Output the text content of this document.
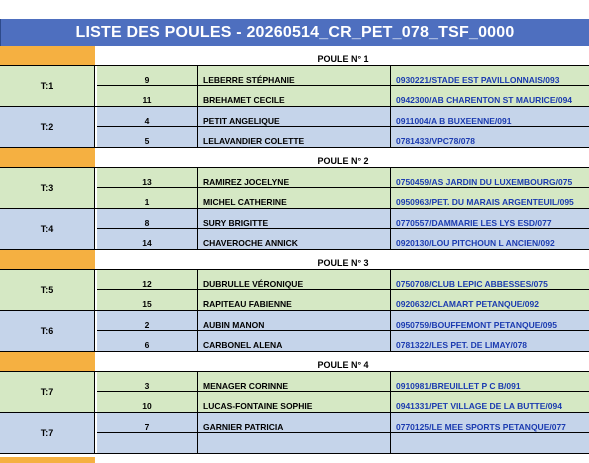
LISTE DES POULES - 20260514_CR_PET_078_TSF_0000
POULE N° 1
T:1
9	LEBERRE STÉPHANIE	0930221/STADE EST PAVILLONNAIS/093
11	BREHAMET CECILE	0942300/AB CHARENTON ST MAURICE/094
T:2
4	PETIT ANGELIQUE	0911004/A B BUXEENNE/091
5	LELAVANDIER COLETTE	0781433/VPC78/078
POULE N° 2
T:3
13	RAMIREZ JOCELYNE	0750459/AS JARDIN DU LUXEMBOURG/075
1	MICHEL CATHERINE	0950963/PET. DU MARAIS ARGENTEUIL/095
T:4
8	SURY BRIGITTE	0770557/DAMMARIE LES LYS ESD/077
14	CHAVEROCHE ANNICK	0920130/LOU PITCHOUN L ANCIEN/092
POULE N° 3
T:5
12	DUBRULLE VÉRONIQUE	0750708/CLUB LEPIC ABBESSES/075
15	RAPITEAU FABIENNE	0920632/CLAMART PETANQUE/092
T:6
2	AUBIN MANON	0950759/BOUFFEMONT PETANQUE/095
6	CARBONEL ALENA	0781322/LES PET. DE LIMAY/078
POULE N° 4
T:7
3	MENAGER CORINNE	0910981/BREUILLET P C B/091
10	LUCAS-FONTAINE SOPHIE	0941331/PET VILLAGE DE LA BUTTE/094
T:7
7	GARNIER PATRICIA	0770125/LE MEE SPORTS PETANQUE/077
